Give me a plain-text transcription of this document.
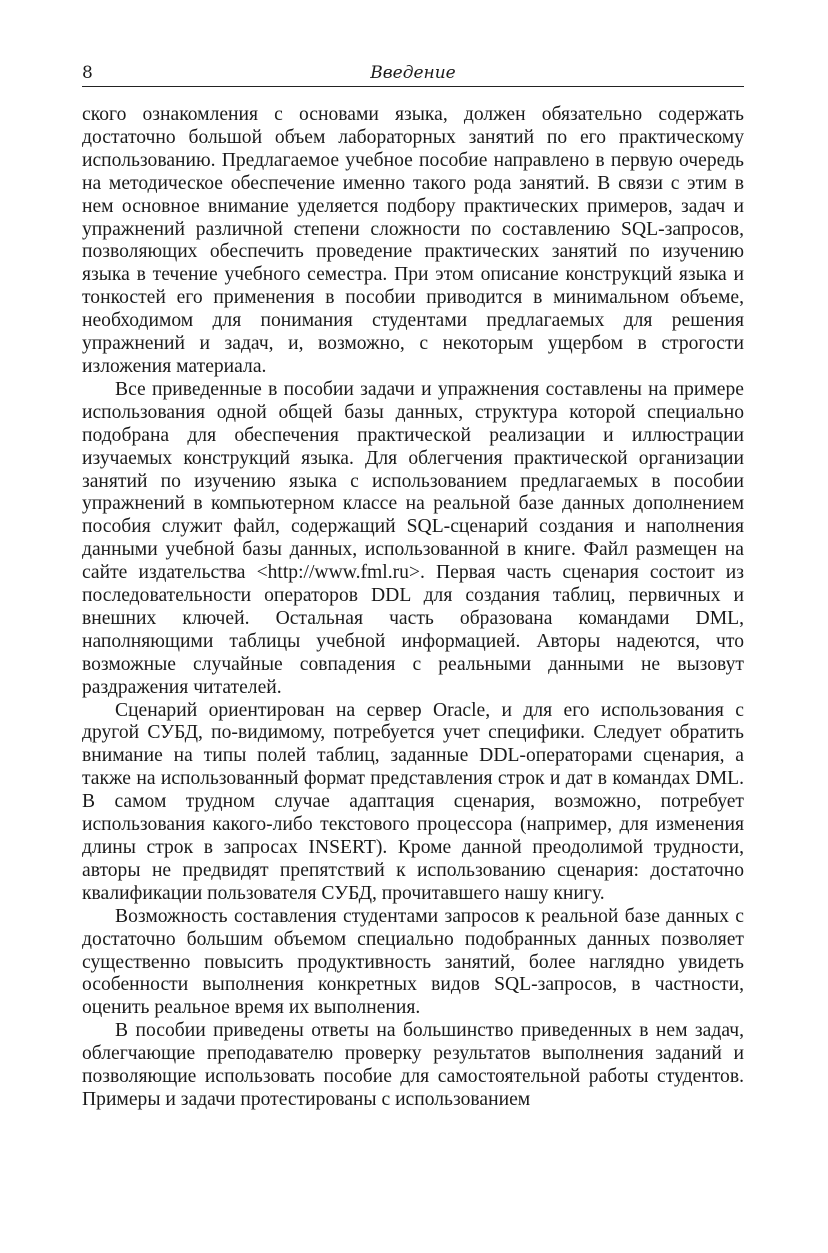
8	Введение

ского ознакомления с основами языка, должен обязательно содержать достаточно большой объем лабораторных занятий по его практическому использованию. Предлагаемое учебное пособие направлено в первую очередь на методическое обеспечение именно такого рода занятий. В связи с этим в нем основное внимание уделяется подбору практических примеров, задач и упражнений различной степени сложности по составлению SQL-запросов, позволяющих обеспечить проведение практических занятий по изучению языка в течение учебного семестра. При этом описание конструкций языка и тонкостей его применения в пособии приводится в минимальном объеме, необходимом для понимания студентами предлагаемых для решения упражнений и задач, и, возможно, с некоторым ущербом в строгости изложения материала.

Все приведенные в пособии задачи и упражнения составлены на примере использования одной общей базы данных, структура которой специально подобрана для обеспечения практической реализации и иллюстрации изучаемых конструкций языка. Для облегчения практической организации занятий по изучению языка с использованием предлагаемых в пособии упражнений в компьютерном классе на реальной базе данных дополнением пособия служит файл, содержащий SQL-сценарий создания и наполнения данными учебной базы данных, использованной в книге. Файл размещен на сайте издательства <http://www.fml.ru>. Первая часть сценария состоит из последовательности операторов DDL для создания таблиц, первичных и внешних ключей. Остальная часть образована командами DML, наполняющими таблицы учебной информацией. Авторы надеются, что возможные случайные совпадения с реальными данными не вызовут раздражения читателей.

Сценарий ориентирован на сервер Oracle, и для его использования с другой СУБД, по-видимому, потребуется учет специфики. Следует обратить внимание на типы полей таблиц, заданные DDL-операторами сценария, а также на использованный формат представления строк и дат в командах DML. В самом трудном случае адаптация сценария, возможно, потребует использования какого-либо текстового процессора (например, для изменения длины строк в запросах INSERT). Кроме данной преодолимой трудности, авторы не предвидят препятствий к использованию сценария: достаточно квалификации пользователя СУБД, прочитавшего нашу книгу.

Возможность составления студентами запросов к реальной базе данных с достаточно большим объемом специально подобранных данных позволяет существенно повысить продуктивность занятий, более наглядно увидеть особенности выполнения конкретных видов SQL-запросов, в частности, оценить реальное время их выполнения.

В пособии приведены ответы на большинство приведенных в нем задач, облегчающие преподавателю проверку результатов выполнения заданий и позволяющие использовать пособие для самостоятельной работы студентов. Примеры и задачи протестированы с использованием
